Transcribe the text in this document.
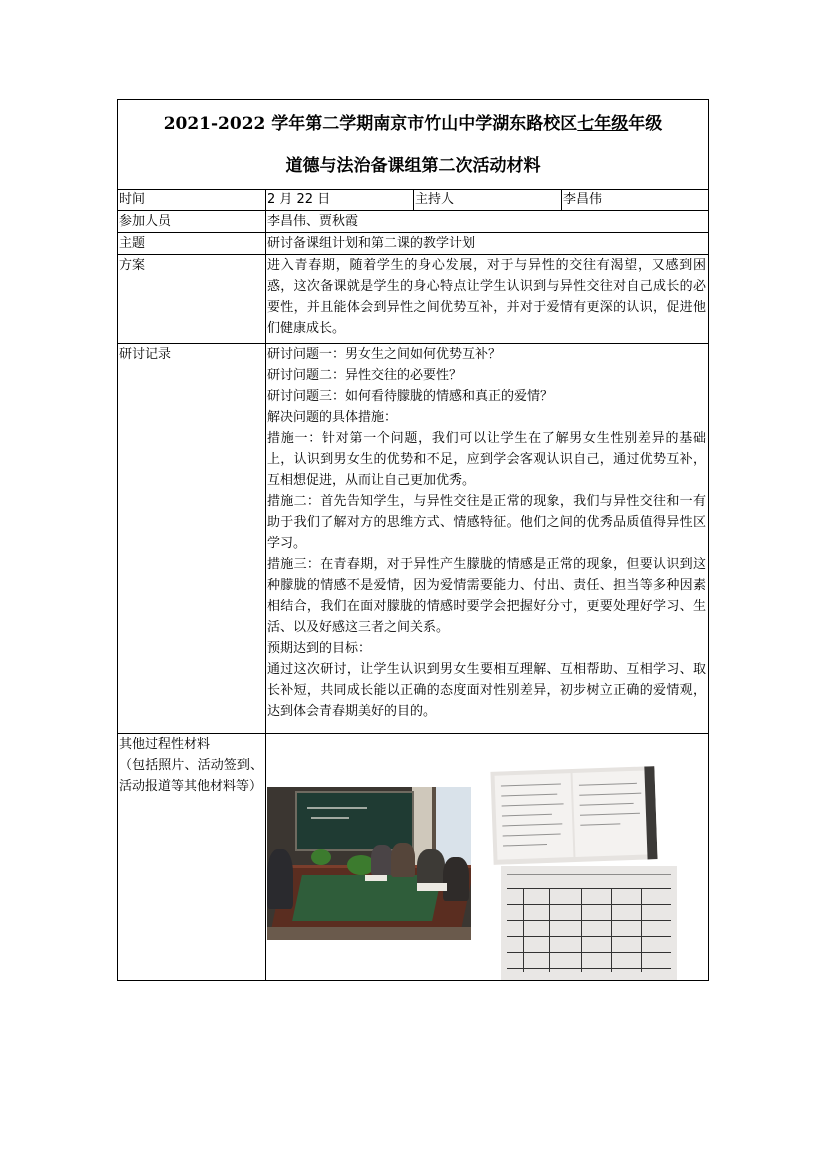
2021-2022 学年第二学期南京市竹山中学湖东路校区七年级年级
道德与法治备课组第二次活动材料
时间	2 月 22 日	主持人	李昌伟
参加人员	李昌伟、贾秋霞
主题	研讨备课组计划和第二课的教学计划
方案	进入青春期，随着学生的身心发展，对于与异性的交往有渴望，又感到困惑，这次备课就是学生的身心特点让学生认识到与异性交往对自己成长的必要性，并且能体会到异性之间优势互补，并对于爱情有更深的认识，促进他们健康成长。
研讨记录	研讨问题一：男女生之间如何优势互补？
研讨问题二：异性交往的必要性？
研讨问题三：如何看待朦胧的情感和真正的爱情？
解决问题的具体措施：
措施一：针对第一个问题，我们可以让学生在了解男女生性别差异的基础上，认识到男女生的优势和不足，应到学会客观认识自己，通过优势互补，互相想促进，从而让自己更加优秀。
措施二：首先告知学生，与异性交往是正常的现象，我们与异性交往和一有助于我们了解对方的思维方式、情感特征。他们之间的优秀品质值得异性区学习。
措施三：在青春期，对于异性产生朦胧的情感是正常的现象，但要认识到这种朦胧的情感不是爱情，因为爱情需要能力、付出、责任、担当等多种因素相结合，我们在面对朦胧的情感时要学会把握好分寸，更要处理好学习、生活、以及好感这三者之间关系。
预期达到的目标：
通过这次研讨，让学生认识到男女生要相互理解、互相帮助、互相学习、取长补短，共同成长能以正确的态度面对性别差异，初步树立正确的爱情观，达到体会青春期美好的目的。
其他过程性材料
（包括照片、活动签到、活动报道等其他材料等）
